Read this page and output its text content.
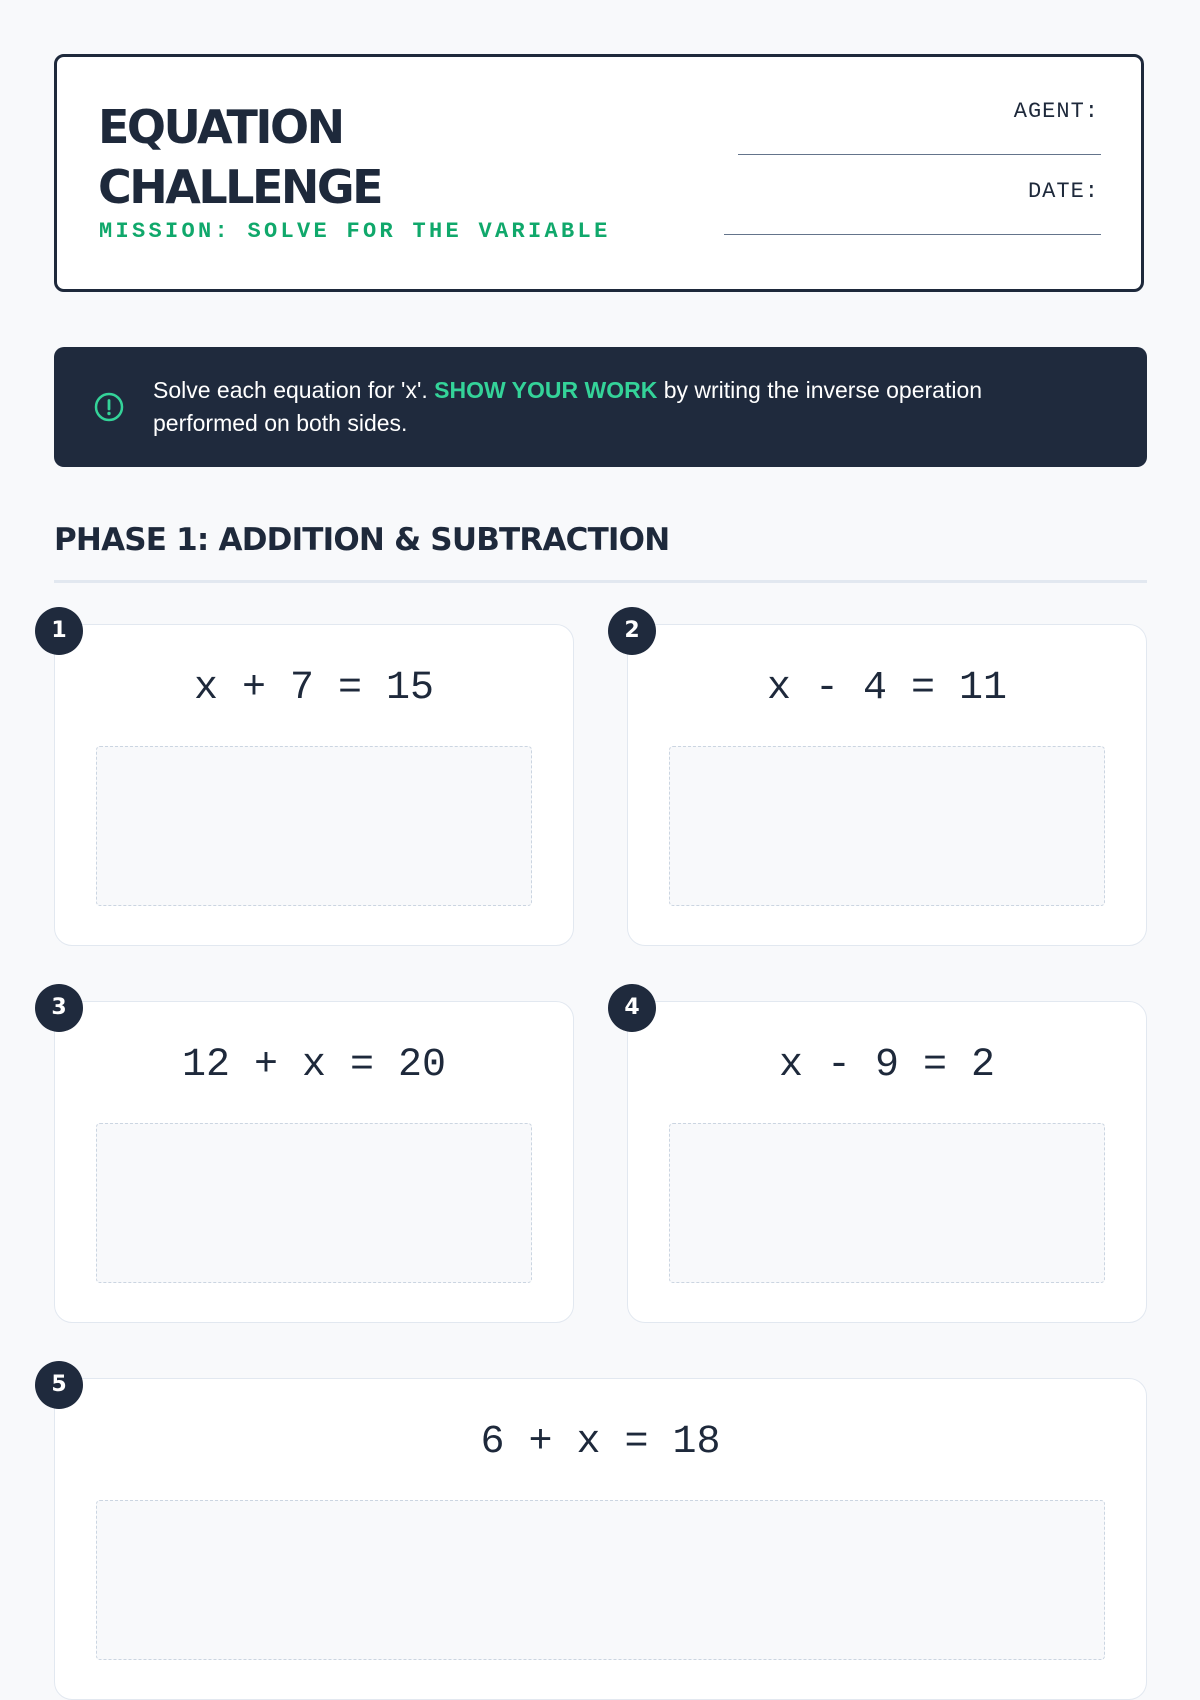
EQUATION
CHALLENGE
MISSION: SOLVE FOR THE VARIABLE
AGENT:
DATE:
Solve each equation for 'x'. SHOW YOUR WORK by writing the inverse operation performed on both sides.
PHASE 1: ADDITION & SUBTRACTION
1
x + 7 = 15
2
x - 4 = 11
3
12 + x = 20
4
x - 9 = 2
5
6 + x = 18
